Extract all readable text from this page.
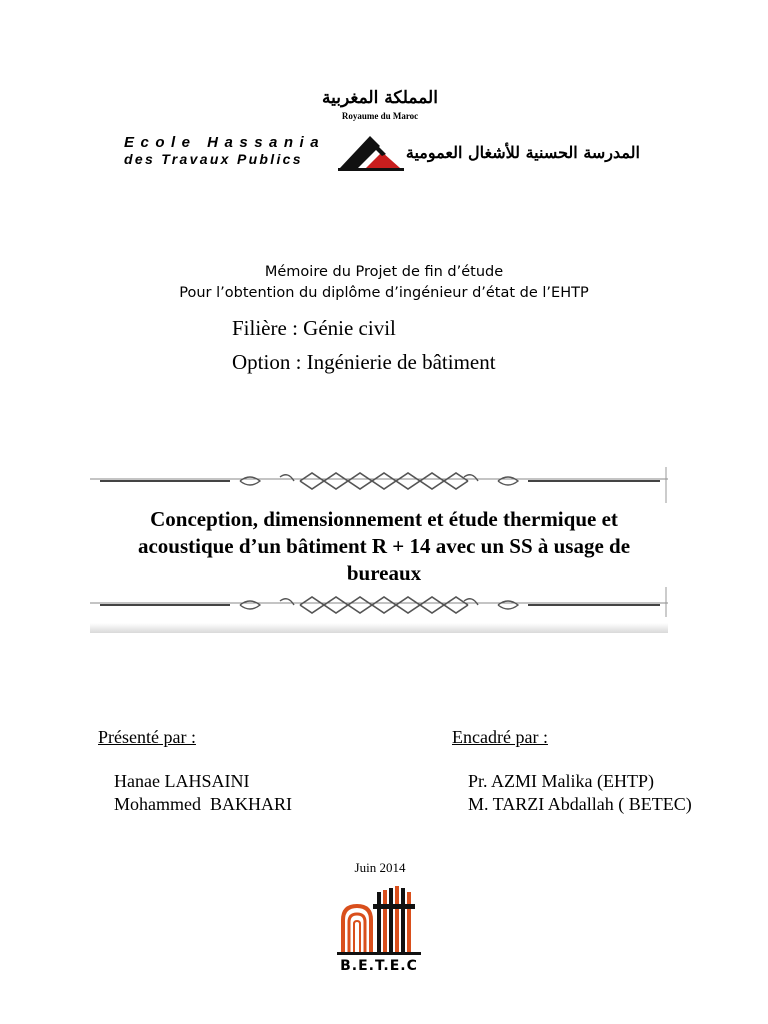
المملكة المغربية
Royaume du Maroc
Ecole Hassania
des Travaux Publics	المدرسة الحسنية للأشغال العمومية
Mémoire du Projet de fin d’étude
Pour l’obtention du diplôme d’ingénieur d’état de l’EHTP
Filière : Génie civil
Option : Ingénierie de bâtiment
Conception, dimensionnement et étude thermique et acoustique d’un bâtiment R + 14 avec un SS à usage de bureaux
Présenté par :	Encadré par :
Hanae LAHSAINI
Mohammed  BAKHARI
Pr. AZMI Malika (EHTP)
M. TARZI Abdallah ( BETEC)
Juin 2014
B.E.T.E.C
